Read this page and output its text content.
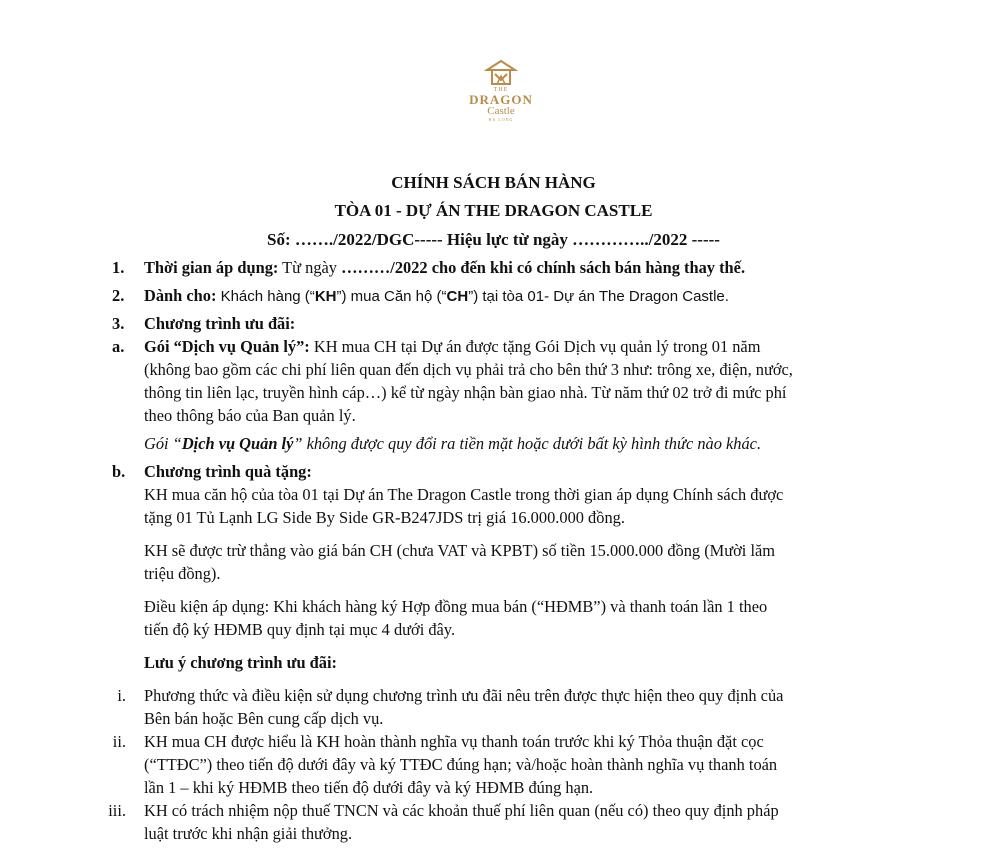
THE
DRAGON
Castle
HẠ LONG
CHÍNH SÁCH BÁN HÀNG
TÒA 01 - DỰ ÁN THE DRAGON CASTLE
Số: ……./2022/DGC----- Hiệu lực từ ngày …………../2022 -----
1. Thời gian áp dụng: Từ ngày ………/2022 cho đến khi có chính sách bán hàng thay thế.
2. Dành cho: Khách hàng (“KH”) mua Căn hộ (“CH”) tại tòa 01- Dự án The Dragon Castle.
3. Chương trình ưu đãi:
a. Gói “Dịch vụ Quản lý”: KH mua CH tại Dự án được tặng Gói Dịch vụ quản lý trong 01 năm
(không bao gồm các chi phí liên quan đến dịch vụ phải trả cho bên thứ 3 như: trông xe, điện, nước,
thông tin liên lạc, truyền hình cáp…) kể từ ngày nhận bàn giao nhà. Từ năm thứ 02 trở đi mức phí
theo thông báo của Ban quản lý.
Gói “Dịch vụ Quản lý” không được quy đổi ra tiền mặt hoặc dưới bất kỳ hình thức nào khác.
b. Chương trình quà tặng:
KH mua căn hộ của tòa 01 tại Dự án The Dragon Castle trong thời gian áp dụng Chính sách được
tặng 01 Tủ Lạnh LG Side By Side GR-B247JDS trị giá 16.000.000 đồng.
KH sẽ được trừ thẳng vào giá bán CH (chưa VAT và KPBT) số tiền 15.000.000 đồng (Mười lăm
triệu đồng).
Điều kiện áp dụng: Khi khách hàng ký Hợp đồng mua bán (“HĐMB”) và thanh toán lần 1 theo
tiến độ ký HĐMB quy định tại mục 4 dưới đây.
Lưu ý chương trình ưu đãi:
i. Phương thức và điều kiện sử dụng chương trình ưu đãi nêu trên được thực hiện theo quy định của
Bên bán hoặc Bên cung cấp dịch vụ.
ii. KH mua CH được hiểu là KH hoàn thành nghĩa vụ thanh toán trước khi ký Thỏa thuận đặt cọc
(“TTĐC”) theo tiến độ dưới đây và ký TTĐC đúng hạn; và/hoặc hoàn thành nghĩa vụ thanh toán
lần 1 – khi ký HĐMB theo tiến độ dưới đây và ký HĐMB đúng hạn.
iii. KH có trách nhiệm nộp thuế TNCN và các khoản thuế phí liên quan (nếu có) theo quy định pháp
luật trước khi nhận giải thưởng.
